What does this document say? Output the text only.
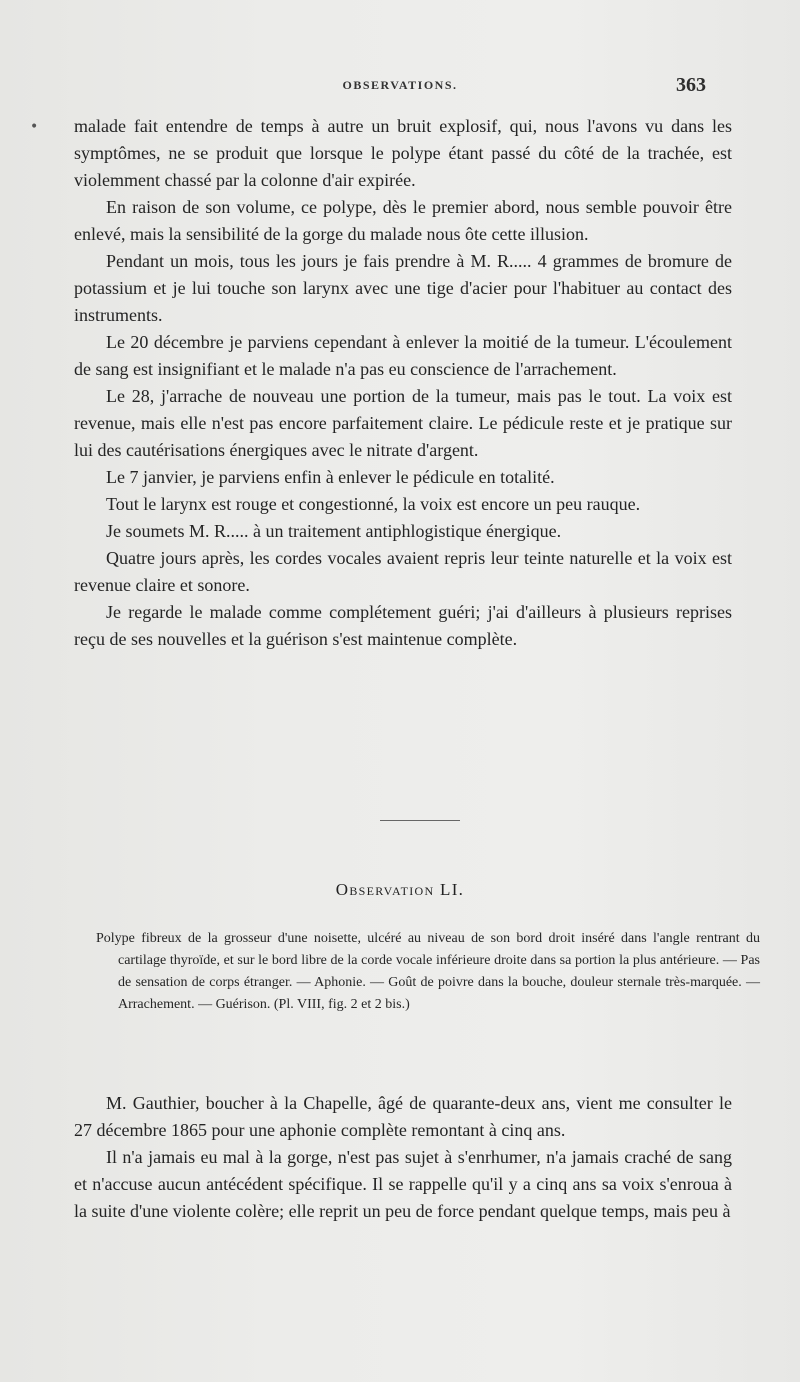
OBSERVATIONS.	363
• malade fait entendre de temps à autre un bruit explosif, qui, nous l'avons vu dans les symptômes, ne se produit que lorsque le polype étant passé du côté de la trachée, est violemment chassé par la colonne d'air expirée.

En raison de son volume, ce polype, dès le premier abord, nous semble pouvoir être enlevé, mais la sensibilité de la gorge du malade nous ôte cette illusion.

Pendant un mois, tous les jours je fais prendre à M. R..... 4 grammes de bromure de potassium et je lui touche son larynx avec une tige d'acier pour l'habituer au contact des instruments.

Le 20 décembre je parviens cependant à enlever la moitié de la tumeur. L'écoulement de sang est insignifiant et le malade n'a pas eu conscience de l'arrachement.

Le 28, j'arrache de nouveau une portion de la tumeur, mais pas le tout. La voix est revenue, mais elle n'est pas encore parfaitement claire. Le pédicule reste et je pratique sur lui des cautérisations énergiques avec le nitrate d'argent.

Le 7 janvier, je parviens enfin à enlever le pédicule en totalité.

Tout le larynx est rouge et congestionné, la voix est encore un peu rauque.

Je soumets M. R..... à un traitement antiphlogistique énergique.

Quatre jours après, les cordes vocales avaient repris leur teinte naturelle et la voix est revenue claire et sonore.

Je regarde le malade comme complétement guéri; j'ai d'ailleurs à plusieurs reprises reçu de ses nouvelles et la guérison s'est maintenue complète.

Observation LI.
Polype fibreux de la grosseur d'une noisette, ulcéré au niveau de son bord droit inséré dans l'angle rentrant du cartilage thyroïde, et sur le bord libre de la corde vocale inférieure droite dans sa portion la plus antérieure. — Pas de sensation de corps étranger. — Aphonie. — Goût de poivre dans la bouche, douleur sternale très-marquée. — Arrachement. — Guérison. (Pl. VIII, fig. 2 et 2 bis.)

M. Gauthier, boucher à la Chapelle, âgé de quarante-deux ans, vient me consulter le 27 décembre 1865 pour une aphonie complète remontant à cinq ans.

Il n'a jamais eu mal à la gorge, n'est pas sujet à s'enrhumer, n'a jamais craché de sang et n'accuse aucun antécédent spécifique. Il se rappelle qu'il y a cinq ans sa voix s'enroua à la suite d'une violente colère; elle reprit un peu de force pendant quelque temps, mais peu à
